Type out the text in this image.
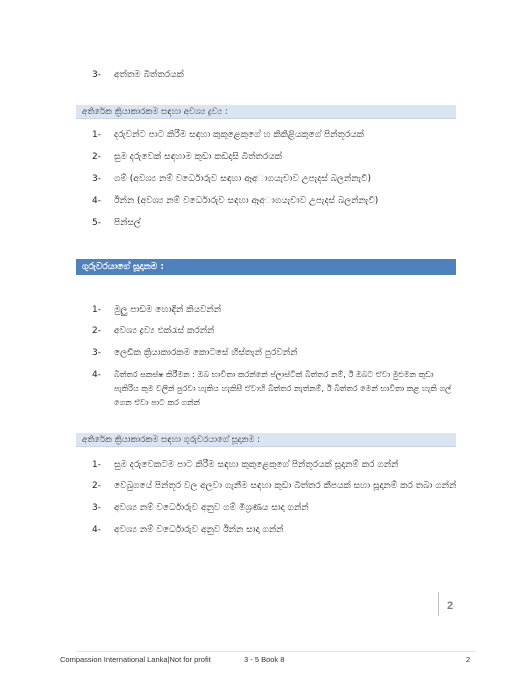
3- අත්තම බිත්තරයක්
අතිරේක ක්‍රියාකාරකම සඳහා අවශ්‍ය ද්‍රව්‍ය :
1- දරුවන්ට පාට කිරීම සඳහා කුකුළෙකුගේ හ කිකිළියකුගේ පින්තූරයක්
2- සුම දරුවෙක් සඳහාම කුඩා කඩදාසි බිත්තරයක්
3- ගම් (අවශ්‍ය නම් වර්ධොරුව සඳහා ඈඅාගයැචාව උපැදස් බලන්නැවී)
4- ඊන්න (අවශ්‍ය නම් වර්ධොරුව සඳහා ඈඅාගයැචාව උපැදස් බලන්නැවී)
5- පින්සල්
ගුරුවරයාගේ සූදානම :
1- මුලු පාඩම හොඳින් කියවන්න්
2- අවශ්‍ය ද්‍රව්‍ය එක්රැස් කරන්න්
3- ලෙඩික ක්‍රියාකාරකම කොටසේ හිස්තැන් පුරවන්න්
4- බිත්තර සකස්ෂ කිරීමන : ඔබ භාවිතා කරන්නේ ප්ලාස්ටික් බිත්තර නම්, ඊ ඔබට ඒවා මුළුමන කුඩා
පැකිරිය කුම වලින් පුරවා හැකිය හැකිසී ඒවාහි බිත්තර නැත්නම්, ඊ බිත්තර මෙන් භාවිතා කළ හැකි ගල්
ගෙන ඒවා පාට කර ගන්න්
අතිරේක ක්‍රියාකාරකම සඳහා ගුරුවරයාගේ සූදානම :
1- සුම දරුවෙකටම පාට කිරීම සඳහා කුකුළෙකුගේ පින්තූරයක් සූදානම් කර ගන්න්
2- වෙබුගයේ පින්තූර වල අලවා ගැනීම සඳහා කුඩා බිත්තර කීපයක් සහා සූදානම් කර තබා ගන්න්
3- අවශ්‍ය නම් වර්ධොරුව අනුව ගම් මිශ්‍රණය සාදා ගන්න්
4- අවශ්‍ය නම් වර්ධොරුව අනුව ඊන්න සාදා ගන්න්
2
Compassion International Lanka|Not for profit	3 - 5 Book 8	2
